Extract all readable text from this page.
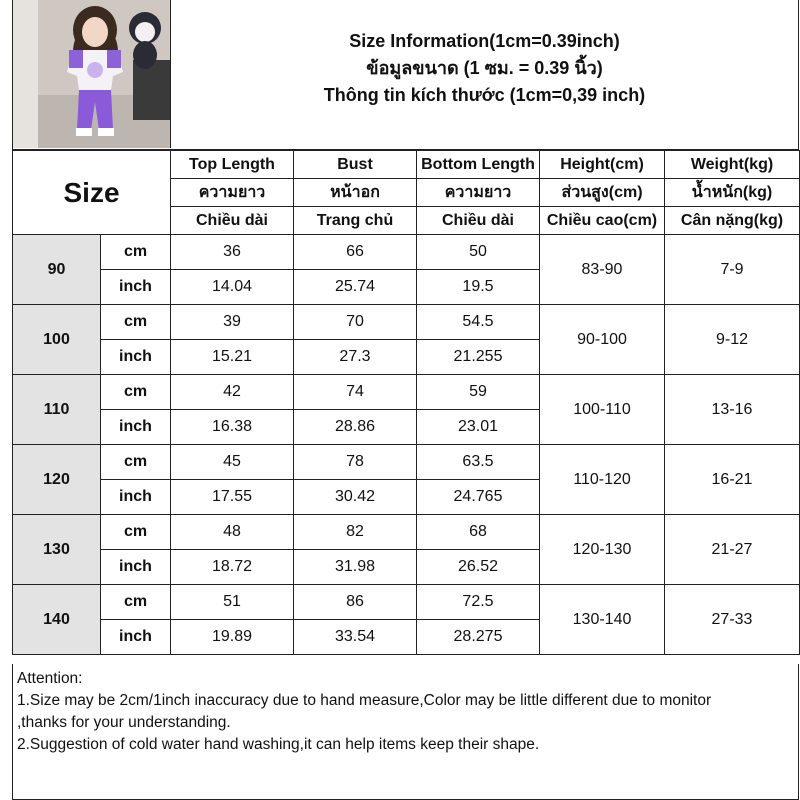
Size Information(1cm=0.39inch)
ข้อมูลขนาด (1 ซม. = 0.39 นิ้ว)
Thông tin kích thước (1cm=0,39 inch)
Size		Top Length	Bust	Bottom Length	Height(cm)	Weight(kg)
		ความยาว	หน้าอก	ความยาว	ส่วนสูง(cm)	น้ำหนัก(kg)
		Chiều dài	Trang chủ	Chiều dài	Chiều cao(cm)	Cân nặng(kg)
90	cm	36	66	50	83-90	7-9
	inch	14.04	25.74	19.5		
100	cm	39	70	54.5	90-100	9-12
	inch	15.21	27.3	21.255		
110	cm	42	74	59	100-110	13-16
	inch	16.38	28.86	23.01		
120	cm	45	78	63.5	110-120	16-21
	inch	17.55	30.42	24.765		
130	cm	48	82	68	120-130	21-27
	inch	18.72	31.98	26.52		
140	cm	51	86	72.5	130-140	27-33
	inch	19.89	33.54	28.275		
Attention:
1.Size may be 2cm/1inch inaccuracy due to hand measure,Color may be little different due to monitor
,thanks for your understanding.
2.Suggestion of cold water hand washing,it can help items keep their shape.
